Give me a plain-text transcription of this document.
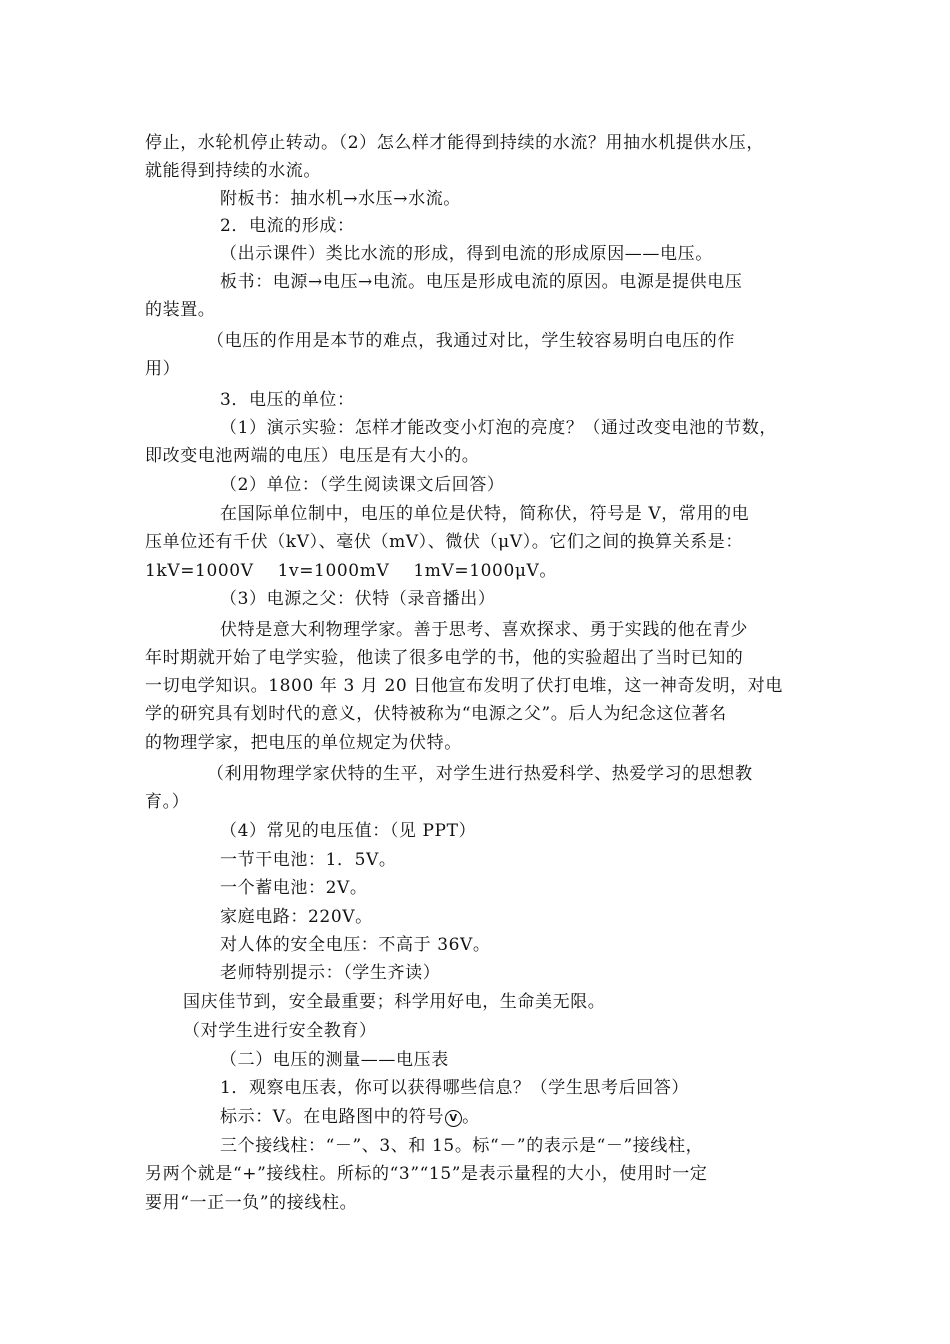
停止，水轮机停止转动。（2）怎么样才能得到持续的水流？用抽水机提供水压，
就能得到持续的水流。
附板书：抽水机→水压→水流。
2．电流的形成：
（出示课件）类比水流的形成，得到电流的形成原因——电压。
板书：电源→电压→电流。电压是形成电流的原因。电源是提供电压
的装置。
（电压的作用是本节的难点，我通过对比，学生较容易明白电压的作
用）
3．电压的单位：
（1）演示实验：怎样才能改变小灯泡的亮度？（通过改变电池的节数，
即改变电池两端的电压）电压是有大小的。
（2）单位：（学生阅读课文后回答）
在国际单位制中，电压的单位是伏特，简称伏，符号是 V，常用的电
压单位还有千伏（kV）、毫伏（mV）、微伏（μV）。它们之间的换算关系是：
1kV=1000V    1v=1000mV    1mV=1000μV。
（3）电源之父：伏特（录音播出）
伏特是意大利物理学家。善于思考、喜欢探求、勇于实践的他在青少
年时期就开始了电学实验，他读了很多电学的书，他的实验超出了当时已知的
一切电学知识。1800 年 3 月 20 日他宣布发明了伏打电堆，这一神奇发明，对电
学的研究具有划时代的意义，伏特被称为“电源之父”。后人为纪念这位著名
的物理学家，把电压的单位规定为伏特。
（利用物理学家伏特的生平，对学生进行热爱科学、热爱学习的思想教
育。）
（4）常见的电压值：（见 PPT）
一节干电池：1．5V。
一个蓄电池：2V。
家庭电路：220V。
对人体的安全电压：不高于 36V。
老师特别提示：（学生齐读）
国庆佳节到，安全最重要；科学用好电，生命美无限。
（对学生进行安全教育）
（二）电压的测量——电压表
1．观察电压表，你可以获得哪些信息？（学生思考后回答）
标示：V。在电路图中的符号 V 。
三个接线柱：“－”、3、和 15。标“－”的表示是“－”接线柱，
另两个就是“+”接线柱。所标的“3”“15”是表示量程的大小，使用时一定
要用“一正一负”的接线柱。
